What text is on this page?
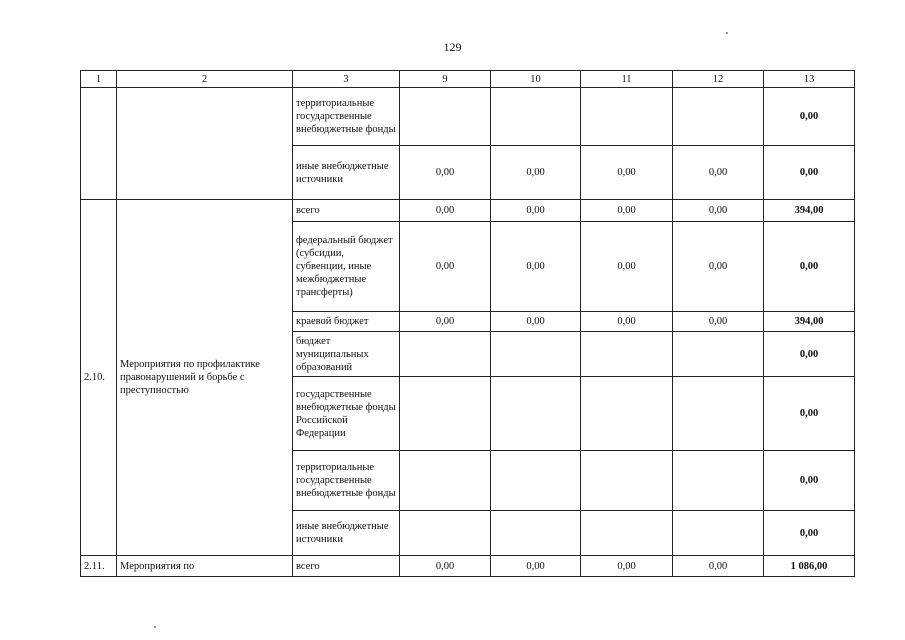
129
1	2	3	9	10	11	12	13
		территориальные государственные внебюджетные фонды					0,00
		иные внебюджетные источники	0,00	0,00	0,00	0,00	0,00
2.10.	Мероприятия по профилактике правонарушений и борьбе с преступностью	всего	0,00	0,00	0,00	0,00	394,00
		федеральный бюджет (субсидии, субвенции, иные межбюджетные трансферты)	0,00	0,00	0,00	0,00	0,00
		краевой бюджет	0,00	0,00	0,00	0,00	394,00
		бюджет муниципальных образований					0,00
		государственные внебюджетные фонды Российской Федерации					0,00
		территориальные государственные внебюджетные фонды					0,00
		иные внебюджетные источники					0,00
2.11.	Мероприятия по	всего	0,00	0,00	0,00	0,00	1 086,00
